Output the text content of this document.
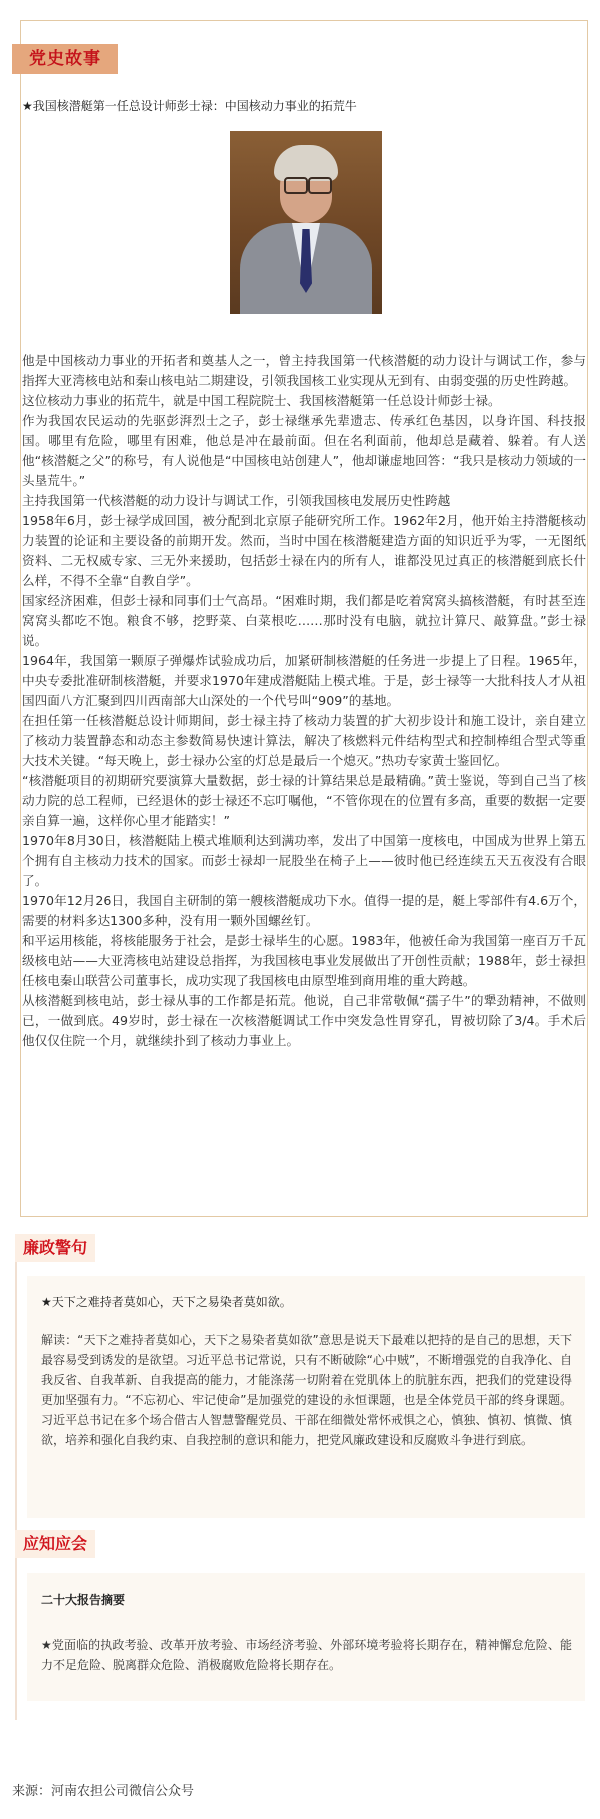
党史故事
★我国核潜艇第一任总设计师彭士禄：中国核动力事业的拓荒牛

他是中国核动力事业的开拓者和奠基人之一，曾主持我国第一代核潜艇的动力设计与调试工作，参与指挥大亚湾核电站和秦山核电站二期建设，引领我国核工业实现从无到有、由弱变强的历史性跨越。

这位核动力事业的拓荒牛，就是中国工程院院士、我国核潜艇第一任总设计师彭士禄。

作为我国农民运动的先驱彭湃烈士之子，彭士禄继承先辈遗志、传承红色基因，以身许国、科技报国。哪里有危险，哪里有困难，他总是冲在最前面。但在名利面前，他却总是藏着、躲着。有人送他“核潜艇之父”的称号，有人说他是“中国核电站创建人”，他却谦虚地回答：“我只是核动力领域的一头垦荒牛。”

主持我国第一代核潜艇的动力设计与调试工作，引领我国核电发展历史性跨越

1958年6月，彭士禄学成回国，被分配到北京原子能研究所工作。1962年2月，他开始主持潜艇核动力装置的论证和主要设备的前期开发。然而，当时中国在核潜艇建造方面的知识近乎为零，一无图纸资料、二无权威专家、三无外来援助，包括彭士禄在内的所有人，谁都没见过真正的核潜艇到底长什么样，不得不全靠“自教自学”。

国家经济困难，但彭士禄和同事们士气高昂。“困难时期，我们都是吃着窝窝头搞核潜艇，有时甚至连窝窝头都吃不饱。粮食不够，挖野菜、白菜根吃……那时没有电脑，就拉计算尺、敲算盘。”彭士禄说。

1964年，我国第一颗原子弹爆炸试验成功后，加紧研制核潜艇的任务进一步提上了日程。1965年，中央专委批准研制核潜艇，并要求1970年建成潜艇陆上模式堆。于是，彭士禄等一大批科技人才从祖国四面八方汇聚到四川西南部大山深处的一个代号叫“909”的基地。

在担任第一任核潜艇总设计师期间，彭士禄主持了核动力装置的扩大初步设计和施工设计，亲自建立了核动力装置静态和动态主参数简易快速计算法，解决了核燃料元件结构型式和控制棒组合型式等重大技术关键。“每天晚上，彭士禄办公室的灯总是最后一个熄灭。”热功专家黄士鉴回忆。

“核潜艇项目的初期研究要演算大量数据，彭士禄的计算结果总是最精确。”黄士鉴说，等到自己当了核动力院的总工程师，已经退休的彭士禄还不忘叮嘱他，“不管你现在的位置有多高，重要的数据一定要亲自算一遍，这样你心里才能踏实！”

1970年8月30日，核潜艇陆上模式堆顺利达到满功率，发出了中国第一度核电，中国成为世界上第五个拥有自主核动力技术的国家。而彭士禄却一屁股坐在椅子上——彼时他已经连续五天五夜没有合眼了。

1970年12月26日，我国自主研制的第一艘核潜艇成功下水。值得一提的是，艇上零部件有4.6万个，需要的材料多达1300多种，没有用一颗外国螺丝钉。

和平运用核能，将核能服务于社会，是彭士禄毕生的心愿。1983年，他被任命为我国第一座百万千瓦级核电站——大亚湾核电站建设总指挥，为我国核电事业发展做出了开创性贡献；1988年，彭士禄担任核电秦山联营公司董事长，成功实现了我国核电由原型堆到商用堆的重大跨越。

从核潜艇到核电站，彭士禄从事的工作都是拓荒。他说，自己非常敬佩“孺子牛”的犟劲精神，不做则已，一做到底。49岁时，彭士禄在一次核潜艇调试工作中突发急性胃穿孔，胃被切除了3/4。手术后他仅仅住院一个月，就继续扑到了核动力事业上。

廉政警句
★天下之难持者莫如心，天下之易染者莫如欲。

解读：“天下之难持者莫如心，天下之易染者莫如欲”意思是说天下最难以把持的是自己的思想，天下最容易受到诱发的是欲望。习近平总书记常说，只有不断破除“心中贼”，不断增强党的自我净化、自我反省、自我革新、自我提高的能力，才能涤荡一切附着在党肌体上的肮脏东西，把我们的党建设得更加坚强有力。“不忘初心、牢记使命”是加强党的建设的永恒课题，也是全体党员干部的终身课题。习近平总书记在多个场合借古人智慧警醒党员、干部在细微处常怀戒惧之心，慎独、慎初、慎微、慎欲，培养和强化自我约束、自我控制的意识和能力，把党风廉政建设和反腐败斗争进行到底。

应知应会
二十大报告摘要

★党面临的执政考验、改革开放考验、市场经济考验、外部环境考验将长期存在，精神懈怠危险、能力不足危险、脱离群众危险、消极腐败危险将长期存在。

来源：河南农担公司微信公众号
